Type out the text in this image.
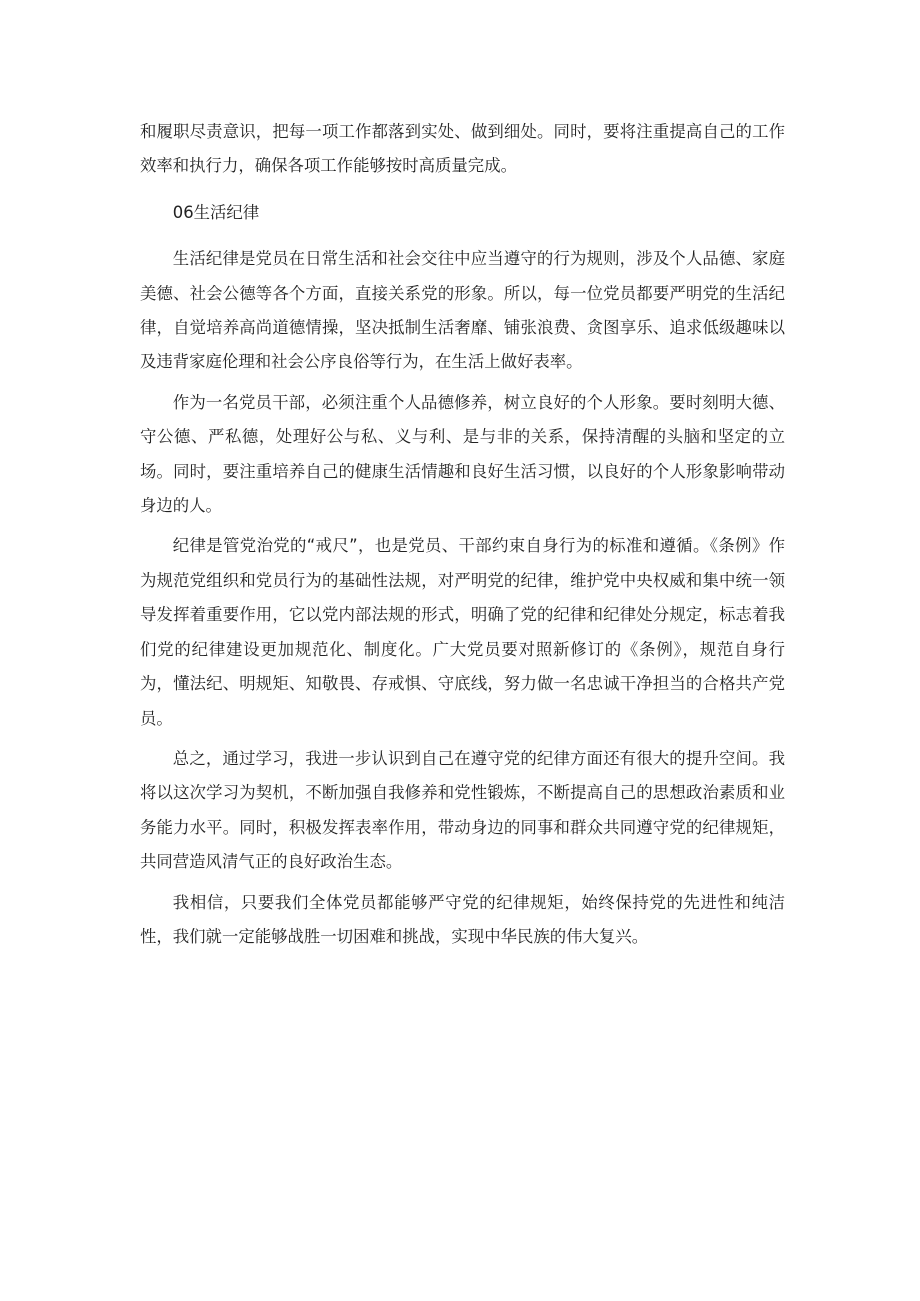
和履职尽责意识，把每一项工作都落到实处、做到细处。同时，要将注重提高自己的工作效率和执行力，确保各项工作能够按时高质量完成。

06生活纪律

生活纪律是党员在日常生活和社会交往中应当遵守的行为规则，涉及个人品德、家庭美德、社会公德等各个方面，直接关系党的形象。所以，每一位党员都要严明党的生活纪律，自觉培养高尚道德情操，坚决抵制生活奢靡、铺张浪费、贪图享乐、追求低级趣味以及违背家庭伦理和社会公序良俗等行为，在生活上做好表率。

作为一名党员干部，必须注重个人品德修养，树立良好的个人形象。要时刻明大德、守公德、严私德，处理好公与私、义与利、是与非的关系，保持清醒的头脑和坚定的立场。同时，要注重培养自己的健康生活情趣和良好生活习惯，以良好的个人形象影响带动身边的人。

纪律是管党治党的“戒尺”，也是党员、干部约束自身行为的标准和遵循。《条例》作为规范党组织和党员行为的基础性法规，对严明党的纪律，维护党中央权威和集中统一领导发挥着重要作用，它以党内部法规的形式，明确了党的纪律和纪律处分规定，标志着我们党的纪律建设更加规范化、制度化。广大党员要对照新修订的《条例》，规范自身行为，懂法纪、明规矩、知敬畏、存戒惧、守底线，努力做一名忠诚干净担当的合格共产党员。

总之，通过学习，我进一步认识到自己在遵守党的纪律方面还有很大的提升空间。我将以这次学习为契机，不断加强自我修养和党性锻炼，不断提高自己的思想政治素质和业务能力水平。同时，积极发挥表率作用，带动身边的同事和群众共同遵守党的纪律规矩，共同营造风清气正的良好政治生态。

我相信，只要我们全体党员都能够严守党的纪律规矩，始终保持党的先进性和纯洁性，我们就一定能够战胜一切困难和挑战，实现中华民族的伟大复兴。
